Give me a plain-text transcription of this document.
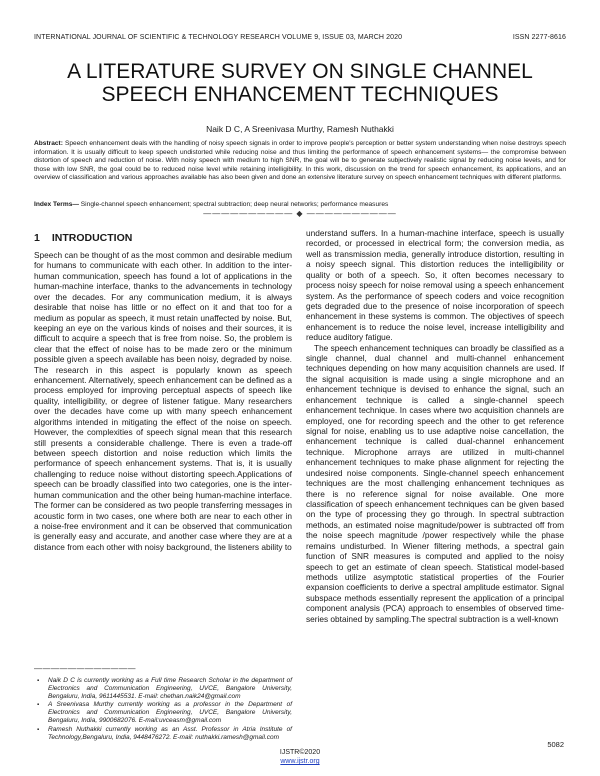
INTERNATIONAL JOURNAL OF SCIENTIFIC & TECHNOLOGY RESEARCH VOLUME 9, ISSUE 03, MARCH 2020	ISSN 2277-8616
A LITERATURE SURVEY ON SINGLE CHANNEL
SPEECH ENHANCEMENT TECHNIQUES
Naik D C, A Sreenivasa Murthy, Ramesh Nuthakki
Abstract: Speech enhancement deals with the handling of noisy speech signals in order to improve people's perception or better system understanding when noise destroys speech information. It is usually difficult to keep speech undistorted while reducing noise and thus limiting the performance of speech enhancement systems— the compromise between distortion of speech and reduction of noise. With noisy speech with medium to high SNR, the goal will be to generate subjectively realistic signal by reducing noise levels, and for those with low SNR, the goal could be to reduced noise level while retaining intelligibility. In this work, discussion on the trend for speech enhancement, its applications, and an overview of classification and various approaches available has also been given and done an extensive literature survey on speech enhancement techniques with different platforms.
Index Terms— Single-channel speech enhancement; spectral subtraction; deep neural networks; performance measures
—————————— ◆ ——————————
1 INTRODUCTION

Speech can be thought of as the most common and desirable medium for humans to communicate with each other. In addition to the inter-human communication, speech has found a lot of applications in the human-machine interface, thanks to the advancements in technology over the decades. For any communication medium, it is always desirable that noise has little or no effect on it and that too for a medium as popular as speech, it must retain unaffected by noise. But, keeping an eye on the various kinds of noises and their sources, it is difficult to acquire a speech that is free from noise. So, the problem is clear that the effect of noise has to be made zero or the minimum possible given a speech available has been noisy, degraded by noise. The research in this aspect is popularly known as speech enhancement. Alternatively, speech enhancement can be defined as a process employed for improving perceptual aspects of speech like quality, intelligibility, or degree of listener fatigue. Many researchers over the decades have come up with many speech enhancement algorithms intended in mitigating the effect of the noise on speech. However, the complexities of speech signal mean that this research still presents a considerable challenge. There is even a trade-off between speech distortion and noise reduction which limits the performance of speech enhancement systems. That is, it is usually challenging to reduce noise without distorting speech.Applications of speech can be broadly classified into two categories, one is the inter-human communication and the other being human-machine interface. The former can be considered as two people transferring messages in acoustic form in two cases, one where both are near to each other in a noise-free environment and it can be observed that communication is generally easy and accurate, and another case where they are at a distance from each other with noisy background, the listeners ability to

understand suffers. In a human-machine interface, speech is usually recorded, or processed in electrical form; the conversion media, as well as transmission media, generally introduce distortion, resulting in a noisy speech signal. This distortion reduces the intelligibility or quality or both of a speech. So, it often becomes necessary to process noisy speech for noise removal using a speech enhancement system. As the performance of speech coders and voice recognition gets degraded due to the presence of noise incorporation of speech enhancement in these systems is common. The objectives of speech enhancement is to reduce the noise level, increase intelligibility and reduce auditory fatigue.

The speech enhancement techniques can broadly be classified as a single channel, dual channel and multi-channel enhancement techniques depending on how many acquisition channels are used. If the signal acquisition is made using a single microphone and an enhancement technique is devised to enhance the signal, such an enhancement technique is called a single-channel speech enhancement technique. In cases where two acquisition channels are employed, one for recording speech and the other to get reference signal for noise, enabling us to use adaptive noise cancellation, the enhancement technique is called dual-channel enhancement technique. Microphone arrays are utilized in multi-channel enhancement techniques to make phase alignment for rejecting the undesired noise components. Single-channel speech enhancement techniques are the most challenging enhancement techniques as there is no reference signal for noise available. One more classification of speech enhancement techniques can be given based on the type of processing they go through. In spectral subtraction methods, an estimated noise magnitude/power is subtracted off from the noise speech magnitude /power respectively while the phase remains undisturbed. In Wiener filtering methods, a spectral gain function of SNR measures is computed and applied to the noisy speech to get an estimate of clean speech. Statistical model-based methods utilize asymptotic statistical properties of the Fourier expansion coefficients to derive a spectral amplitude estimator. Signal subspace methods essentially represent the application of a principal component analysis (PCA) approach to ensembles of observed time-series obtained by sampling.The spectral subtraction is a well-known

————————————
▪ Naik D C is currently working as a Full time Research Scholar in the department of Electronics and Communication Engineering, UVCE, Bangalore University, Bengaluru, India, 9611445531. E-mail: chethan.naik24@gmail.com
▪ A Sreenivasa Murthy currently working as a professor in the Department of Electronics and Communication Engineering, UVCE, Bangalore University, Bengaluru, India, 9900682076. E-mail:uvceasm@gmail.com
▪ Ramesh Nuthakki currently working as an Asst. Professor in Atria Institute of Technology,Bengaluru, India, 9448476272. E-mail: nuthakki.ramesh@gmail.com
5082
IJSTR©2020
www.ijstr.org
